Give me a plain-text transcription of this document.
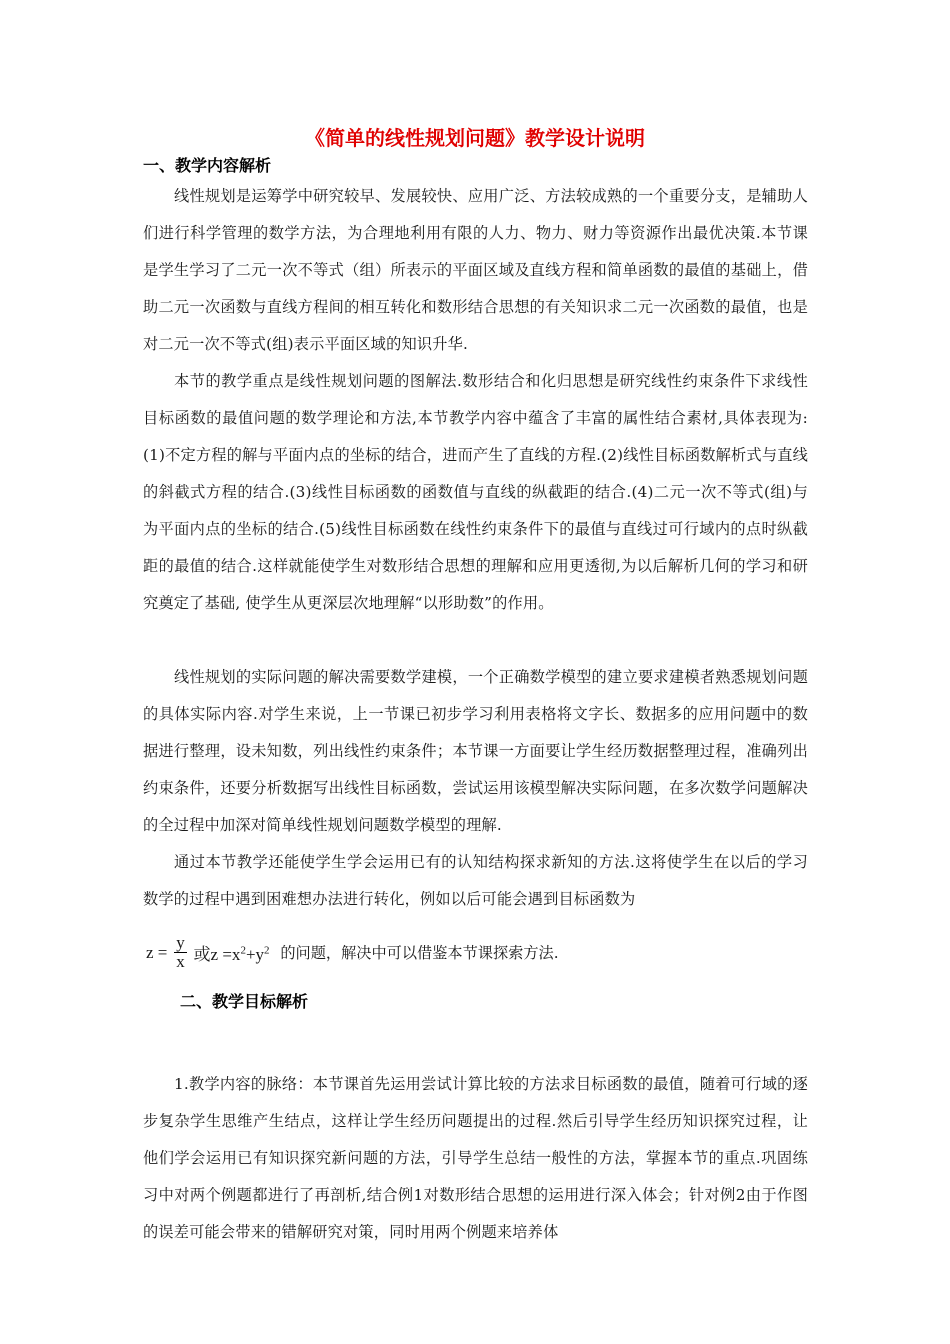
《简单的线性规划问题》教学设计说明
一、教学内容解析

线性规划是运筹学中研究较早、发展较快、应用广泛、方法较成熟的一个重要分支，是辅助人们进行科学管理的数学方法，为合理地利用有限的人力、物力、财力等资源作出最优决策.本节课是学生学习了二元一次不等式（组）所表示的平面区域及直线方程和简单函数的最值的基础上，借助二元一次函数与直线方程间的相互转化和数形结合思想的有关知识求二元一次函数的最值，也是对二元一次不等式(组)表示平面区域的知识升华.

本节的教学重点是线性规划问题的图解法.数形结合和化归思想是研究线性约束条件下求线性目标函数的最值问题的数学理论和方法,本节教学内容中蕴含了丰富的属性结合素材,具体表现为:(1)不定方程的解与平面内点的坐标的结合，进而产生了直线的方程.(2)线性目标函数解析式与直线的斜截式方程的结合.(3)线性目标函数的函数值与直线的纵截距的结合.(4)二元一次不等式(组)与为平面内点的坐标的结合.(5)线性目标函数在线性约束条件下的最值与直线过可行域内的点时纵截距的最值的结合.这样就能使学生对数形结合思想的理解和应用更透彻,为以后解析几何的学习和研究奠定了基础, 使学生从更深层次地理解“以形助数”的作用。

线性规划的实际问题的解决需要数学建模，一个正确数学模型的建立要求建模者熟悉规划问题的具体实际内容.对学生来说，上一节课已初步学习利用表格将文字长、数据多的应用问题中的数据进行整理，设未知数，列出线性约束条件；本节课一方面要让学生经历数据整理过程，准确列出约束条件，还要分析数据写出线性目标函数，尝试运用该模型解决实际问题，在多次数学问题解决的全过程中加深对简单线性规划问题数学模型的理解.

通过本节教学还能使学生学会运用已有的认知结构探求新知的方法.这将使学生在以后的学习数学的过程中遇到困难想办法进行转化，例如以后可能会遇到目标函数为

$z = \frac{y}{x}$ 或$z =x^2+y^2$ 的问题，解决中可以借鉴本节课探索方法.
二、教学目标解析

1.教学内容的脉络：本节课首先运用尝试计算比较的方法求目标函数的最值，随着可行域的逐步复杂学生思维产生结点，这样让学生经历问题提出的过程.然后引导学生经历知识探究过程，让他们学会运用已有知识探究新问题的方法，引导学生总结一般性的方法，掌握本节的重点.巩固练习中对两个例题都进行了再剖析,结合例1对数形结合思想的运用进行深入体会；针对例2由于作图的误差可能会带来的错解研究对策，同时用两个例题来培养体
